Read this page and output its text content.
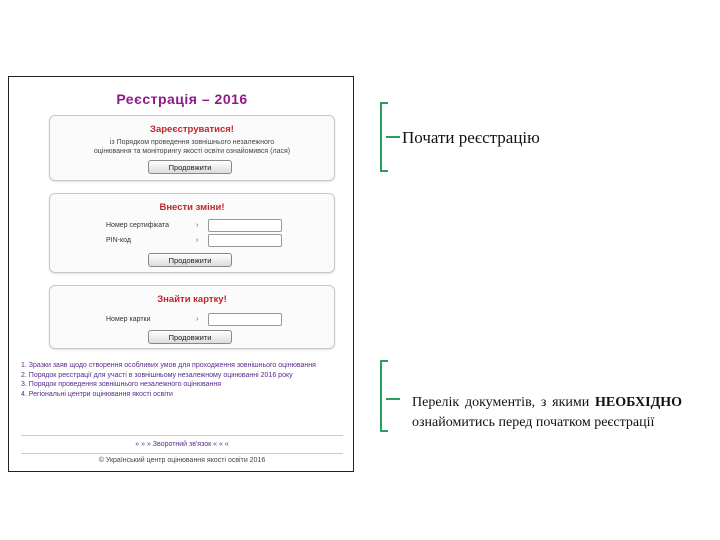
Реєстрація – 2016
Зареєструватися!
із Порядком проведення зовнішнього незалежного
оцінювання та моніторингу якості освіти ознайомився (лася)
Продовжити
Внести зміни!
Номер сертифіката	›
PIN-код	›
Продовжити
Знайти картку!
Номер картки	›
Продовжити
1. Зразки заяв щодо створення особливих умов для проходження зовнішнього оцінювання
2. Порядок реєстрації для участі в зовнішньому незалежному оцінюванні 2016 року
3. Порядок проведення зовнішнього незалежного оцінювання
4. Регіональні центри оцінювання якості освіти
» » » Зворотний зв'язок « « «
© Український центр оцінювання якості освіти 2016
Почати реєстрацію
Перелік документів, з якими НЕОБХІДНО ознайомитись перед початком реєстрації
